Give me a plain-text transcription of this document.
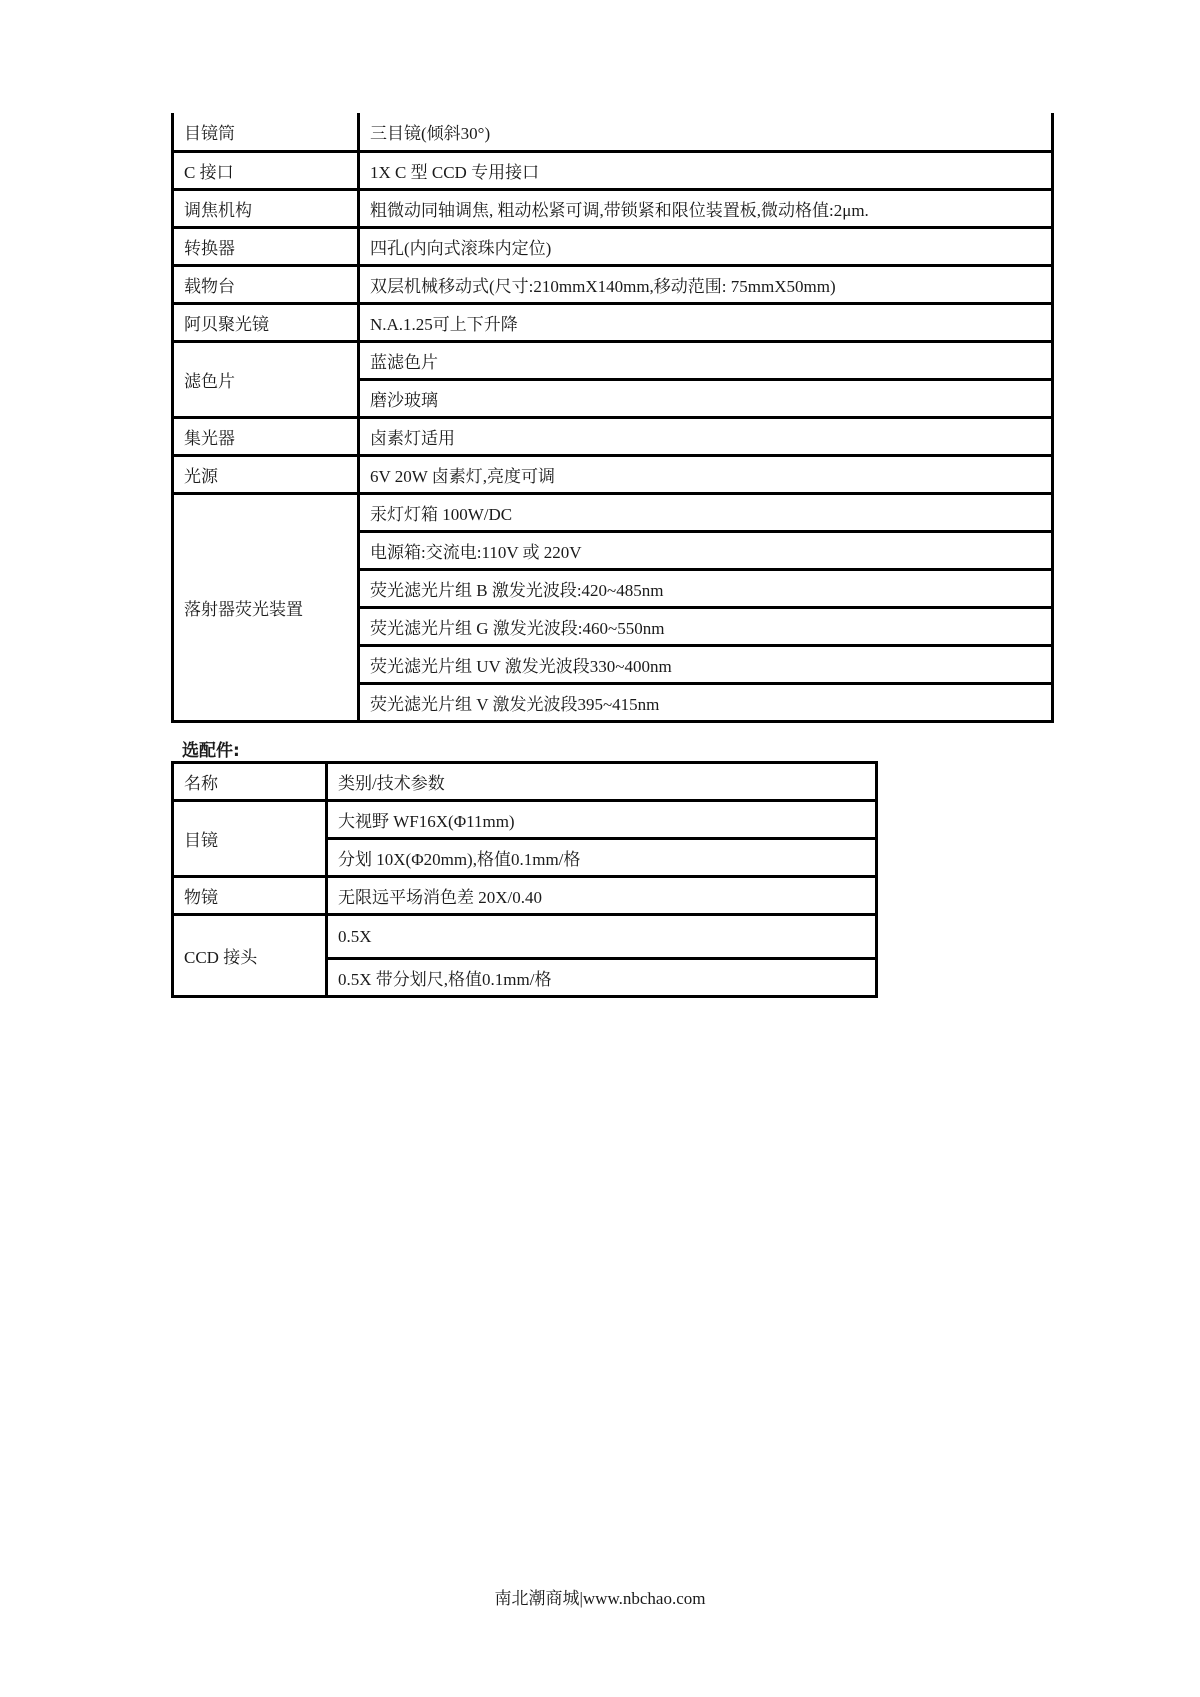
目镜筒	三目镜(倾斜30°)
C 接口	1X C 型 CCD 专用接口
调焦机构	粗微动同轴调焦, 粗动松紧可调,带锁紧和限位装置板,微动格值:2μm.
转换器	四孔(内向式滚珠内定位)
载物台	双层机械移动式(尺寸:210mmX140mm,移动范围: 75mmX50mm)
阿贝聚光镜	N.A.1.25可上下升降
滤色片	蓝滤色片
	磨沙玻璃
集光器	卤素灯适用
光源	6V 20W 卤素灯,亮度可调
落射器荧光装置	汞灯灯箱 100W/DC
	电源箱:交流电:110V 或 220V
	荧光滤光片组 B 激发光波段:420~485nm
	荧光滤光片组 G 激发光波段:460~550nm
	荧光滤光片组 UV 激发光波段330~400nm
	荧光滤光片组 V 激发光波段395~415nm
选配件:
名称	类别/技术参数
目镜	大视野 WF16X(Φ11mm)
	分划 10X(Φ20mm),格值0.1mm/格
物镜	无限远平场消色差 20X/0.40
CCD 接头	0.5X
	0.5X 带分划尺,格值0.1mm/格
南北潮商城|www.nbchao.com
